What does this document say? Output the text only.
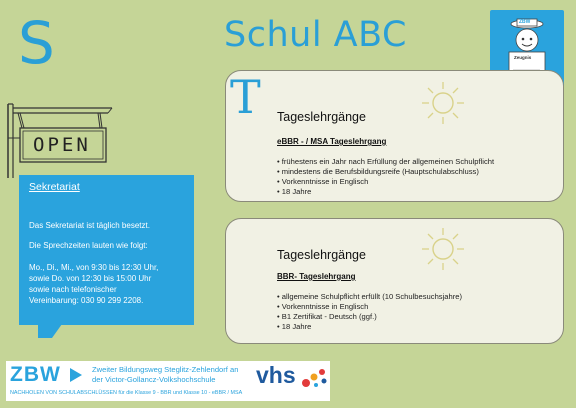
S	Schul ABC
OPEN
ZBW
Zeugnis
T Tageslehrgänge
eBBR - / MSA Tageslehrgang
• frühestens ein Jahr nach Erfüllung der allgemeinen Schulpflicht
• mindestens die Berufsbildungsreife (Hauptschulabschluss)
• Vorkenntnisse in Englisch
• 18 Jahre
Tageslehrgänge
BBR- Tageslehrgang
• allgemeine Schulpflicht erfüllt (10 Schulbesuchsjahre)
• Vorkenntnisse in Englisch
• B1 Zertifikat - Deutsch (ggf.)
• 18 Jahre
Sekretariat
Das Sekretariat ist täglich besetzt.
Die Sprechzeiten lauten wie folgt:
Mo., Di., Mi., von 9:30 bis 12:30 Uhr,
sowie Do. von 12:30 bis 15:00 Uhr
sowie nach telefonischer
Vereinbarung: 030 90 299 2208.
ZBW	Zweiter Bildungsweg Steglitz-Zehlendorf an
der Victor-Gollancz-Volkshochschule vhs
NACHHOLEN VON SCHULABSCHLÜSSEN für die Klasse 9 - BBR und Klasse 10 - eBBR / MSA
